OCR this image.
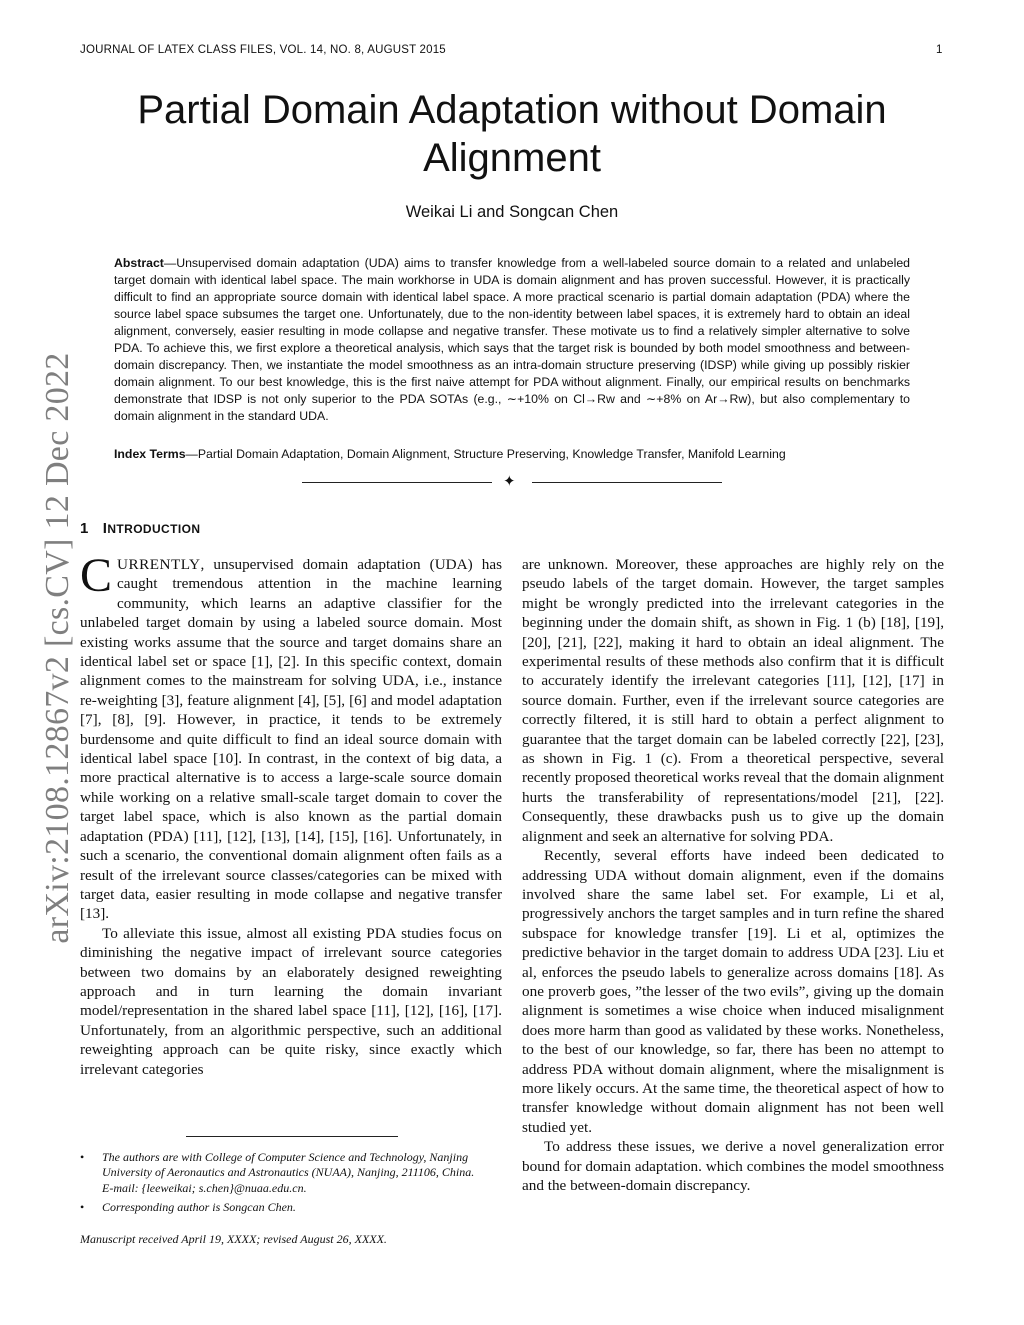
JOURNAL OF LATEX CLASS FILES, VOL. 14, NO. 8, AUGUST 2015	1
arXiv:2108.12867v2 [cs.CV] 12 Dec 2022
Partial Domain Adaptation without Domain
Alignment
Weikai Li and Songcan Chen

Abstract—Unsupervised domain adaptation (UDA) aims to transfer knowledge from a well-labeled source domain to a related and unlabeled target domain with identical label space. The main workhorse in UDA is domain alignment and has proven successful. However, it is practically difficult to find an appropriate source domain with identical label space. A more practical scenario is partial domain adaptation (PDA) where the source label space subsumes the target one. Unfortunately, due to the non-identity between label spaces, it is extremely hard to obtain an ideal alignment, conversely, easier resulting in mode collapse and negative transfer. These motivate us to find a relatively simpler alternative to solve PDA. To achieve this, we first explore a theoretical analysis, which says that the target risk is bounded by both model smoothness and between-domain discrepancy. Then, we instantiate the model smoothness as an intra-domain structure preserving (IDSP) while giving up possibly riskier domain alignment. To our best knowledge, this is the first naive attempt for PDA without alignment. Finally, our empirical results on benchmarks demonstrate that IDSP is not only superior to the PDA SOTAs (e.g., ∼+10% on Cl→Rw and ∼+8% on Ar→Rw), but also complementary to domain alignment in the standard UDA.

Index Terms—Partial Domain Adaptation, Domain Alignment, Structure Preserving, Knowledge Transfer, Manifold Learning

✦
1 INTRODUCTION

CURRENTLY, unsupervised domain adaptation (UDA) has caught tremendous attention in the machine learning community, which learns an adaptive classifier for the unlabeled target domain by using a labeled source domain. Most existing works assume that the source and target domains share an identical label set or space [1], [2]. In this specific context, domain alignment comes to the mainstream for solving UDA, i.e., instance re-weighting [3], feature alignment [4], [5], [6] and model adaptation [7], [8], [9]. However, in practice, it tends to be extremely burdensome and quite difficult to find an ideal source domain with identical label space [10]. In contrast, in the context of big data, a more practical alternative is to access a large-scale source domain while working on a relative small-scale target domain to cover the target label space, which is also known as the partial domain adaptation (PDA) [11], [12], [13], [14], [15], [16]. Unfortunately, in such a scenario, the conventional domain alignment often fails as a result of the irrelevant source classes/categories can be mixed with target data, easier resulting in mode collapse and negative transfer [13].

To alleviate this issue, almost all existing PDA studies focus on diminishing the negative impact of irrelevant source categories between two domains by an elaborately designed reweighting approach and in turn learning the domain invariant model/representation in the shared label space [11], [12], [16], [17]. Unfortunately, from an algorithmic perspective, such an additional reweighting approach can be quite risky, since exactly which irrelevant categories

are unknown. Moreover, these approaches are highly rely on the pseudo labels of the target domain. However, the target samples might be wrongly predicted into the irrelevant categories in the beginning under the domain shift, as shown in Fig. 1 (b) [18], [19], [20], [21], [22], making it hard to obtain an ideal alignment. The experimental results of these methods also confirm that it is difficult to accurately identify the irrelevant categories [11], [12], [17] in source domain. Further, even if the irrelevant source categories are correctly filtered, it is still hard to obtain a perfect alignment to guarantee that the target domain can be labeled correctly [22], [23], as shown in Fig. 1 (c). From a theoretical perspective, several recently proposed theoretical works reveal that the domain alignment hurts the transferability of representations/model [21], [22]. Consequently, these drawbacks push us to give up the domain alignment and seek an alternative for solving PDA.

Recently, several efforts have indeed been dedicated to addressing UDA without domain alignment, even if the domains involved share the same label set. For example, Li et al, progressively anchors the target samples and in turn refine the shared subspace for knowledge transfer [19]. Li et al, optimizes the predictive behavior in the target domain to address UDA [23]. Liu et al, enforces the pseudo labels to generalize across domains [18]. As one proverb goes, ”the lesser of the two evils”, giving up the domain alignment is sometimes a wise choice when induced misalignment does more harm than good as validated by these works. Nonetheless, to the best of our knowledge, so far, there has been no attempt to address PDA without domain alignment, where the misalignment is more likely occurs. At the same time, the theoretical aspect of how to transfer knowledge without domain alignment has not been well studied yet.

To address these issues, we derive a novel generalization error bound for domain adaptation. which combines the model smoothness and the between-domain discrepancy.

• The authors are with College of Computer Science and Technology, Nanjing University of Aeronautics and Astronautics (NUAA), Nanjing, 211106, China.
E-mail: {leeweikai; s.chen}@nuaa.edu.cn.
• Corresponding author is Songcan Chen.
Manuscript received April 19, XXXX; revised August 26, XXXX.
